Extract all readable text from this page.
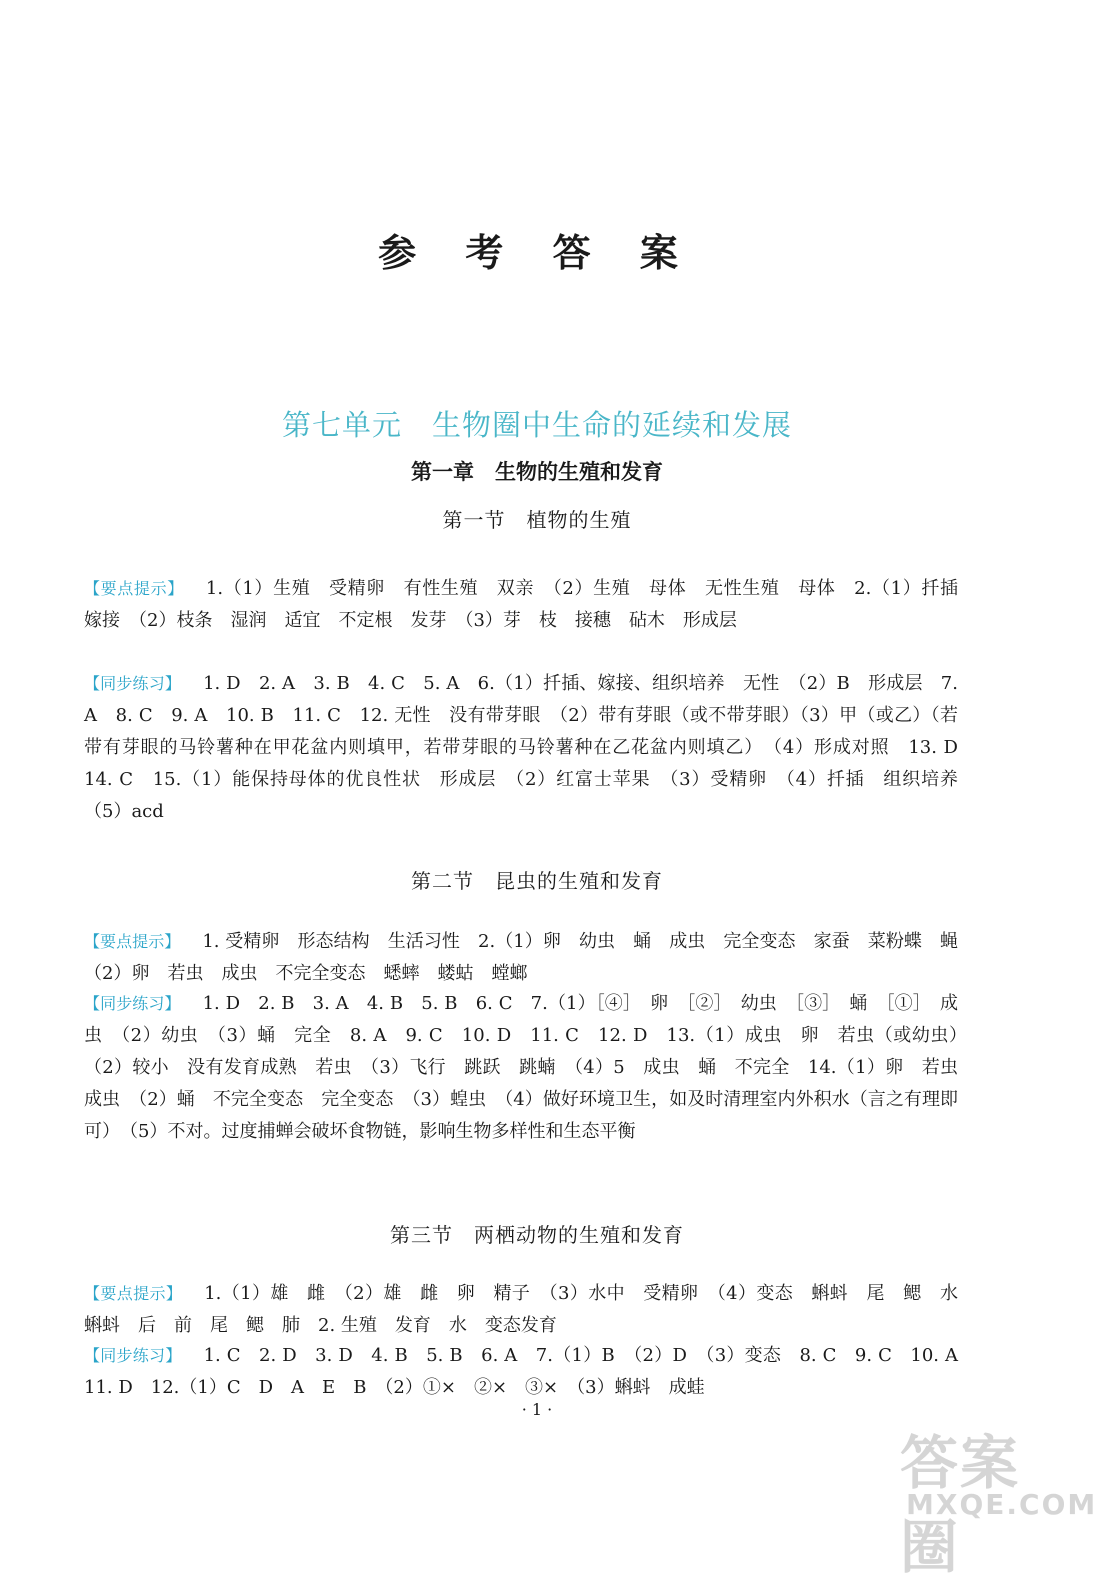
参 考 答 案
第七单元　生物圈中生命的延续和发展
第一章　生物的生殖和发育
第一节　植物的生殖
【要点提示】 1.（1）生殖　受精卵　有性生殖　双亲　（2）生殖　母体　无性生殖　母体　2.（1）扦插　嫁接　（2）枝条　湿润　适宜　不定根　发芽　（3）芽　枝　接穗　砧木　形成层
【同步练习】 1. D　2. A　3. B　4. C　5. A　6.（1）扦插、嫁接、组织培养　无性　（2）B　形成层　7. A　8. C　9. A　10. B　11. C　12. 无性　没有带芽眼　（2）带有芽眼（或不带芽眼）（3）甲（或乙）（若带有芽眼的马铃薯种在甲花盆内则填甲，若带芽眼的马铃薯种在乙花盆内则填乙）　（4）形成对照　13. D　14. C　15.（1）能保持母体的优良性状　形成层　（2）红富士苹果　（3）受精卵　（4）扦插　组织培养　（5）acd
第二节　昆虫的生殖和发育
【要点提示】 1. 受精卵　形态结构　生活习性　2.（1）卵　幼虫　蛹　成虫　完全变态　家蚕　菜粉蝶　蝇　（2）卵　若虫　成虫　不完全变态　蟋蟀　蝼蛄　螳螂
【同步练习】 1. D　2. B　3. A　4. B　5. B　6. C　7.（1）［④］　卵　［②］　幼虫　［③］　蛹　［①］　成虫　（2）幼虫　（3）蛹　完全　8. A　9. C　10. D　11. C　12. D　13.（1）成虫　卵　若虫（或幼虫）　（2）较小　没有发育成熟　若虫　（3）飞行　跳跃　跳蝻　（4）5　成虫　蛹　不完全　14.（1）卵　若虫　成虫　（2）蛹　不完全变态　完全变态　（3）蝗虫　（4）做好环境卫生，如及时清理室内外积水（言之有理即可）　（5）不对。过度捕蝉会破坏食物链，影响生物多样性和生态平衡
第三节　两栖动物的生殖和发育
【要点提示】 1.（1）雄　雌　（2）雄　雌　卵　精子　（3）水中　受精卵　（4）变态　蝌蚪　尾　鳃　水　蝌蚪　后　前　尾　鳃　肺　2. 生殖　发育　水　变态发育
【同步练习】 1. C　2. D　3. D　4. B　5. B　6. A　7.（1）B　（2）D　（3）变态　8. C　9. C　10. A　11. D　12.（1）C　D　A　E　B　（2）①×　②×　③×　（3）蝌蚪　成蛙
· 1 ·
答案圈
MXQE.COM
